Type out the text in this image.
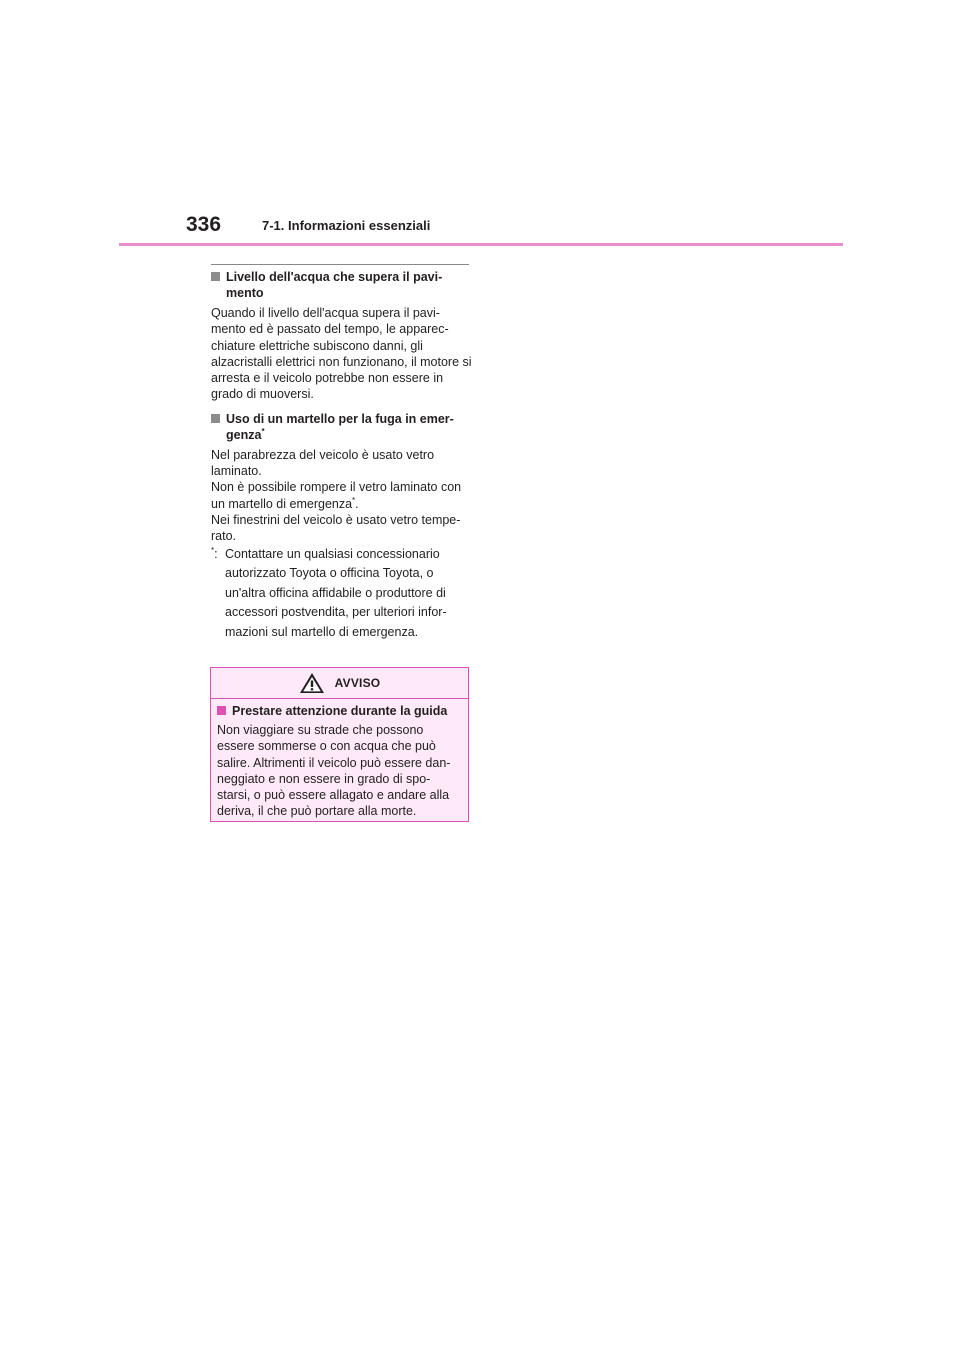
336	7-1. Informazioni essenziali
Livello dell'acqua che supera il pavi-mento

Quando il livello dell'acqua supera il pavi-mento ed è passato del tempo, le apparec-chiature elettriche subiscono danni, gli alzacristalli elettrici non funzionano, il motore si arresta e il veicolo potrebbe non essere in grado di muoversi.

Uso di un martello per la fuga in emer-genza*

Nel parabrezza del veicolo è usato vetro laminato.

Non è possibile rompere il vetro laminato con un martello di emergenza*.

Nei finestrini del veicolo è usato vetro tempe-rato.

*: Contattare un qualsiasi concessionario autorizzato Toyota o officina Toyota, o un'altra officina affidabile o produttore di accessori postvendita, per ulteriori infor-mazioni sul martello di emergenza.
AVVISO
Prestare attenzione durante la guida

Non viaggiare su strade che possono essere sommerse o con acqua che può salire. Altrimenti il veicolo può essere dan-neggiato e non essere in grado di spo-starsi, o può essere allagato e andare alla deriva, il che può portare alla morte.
